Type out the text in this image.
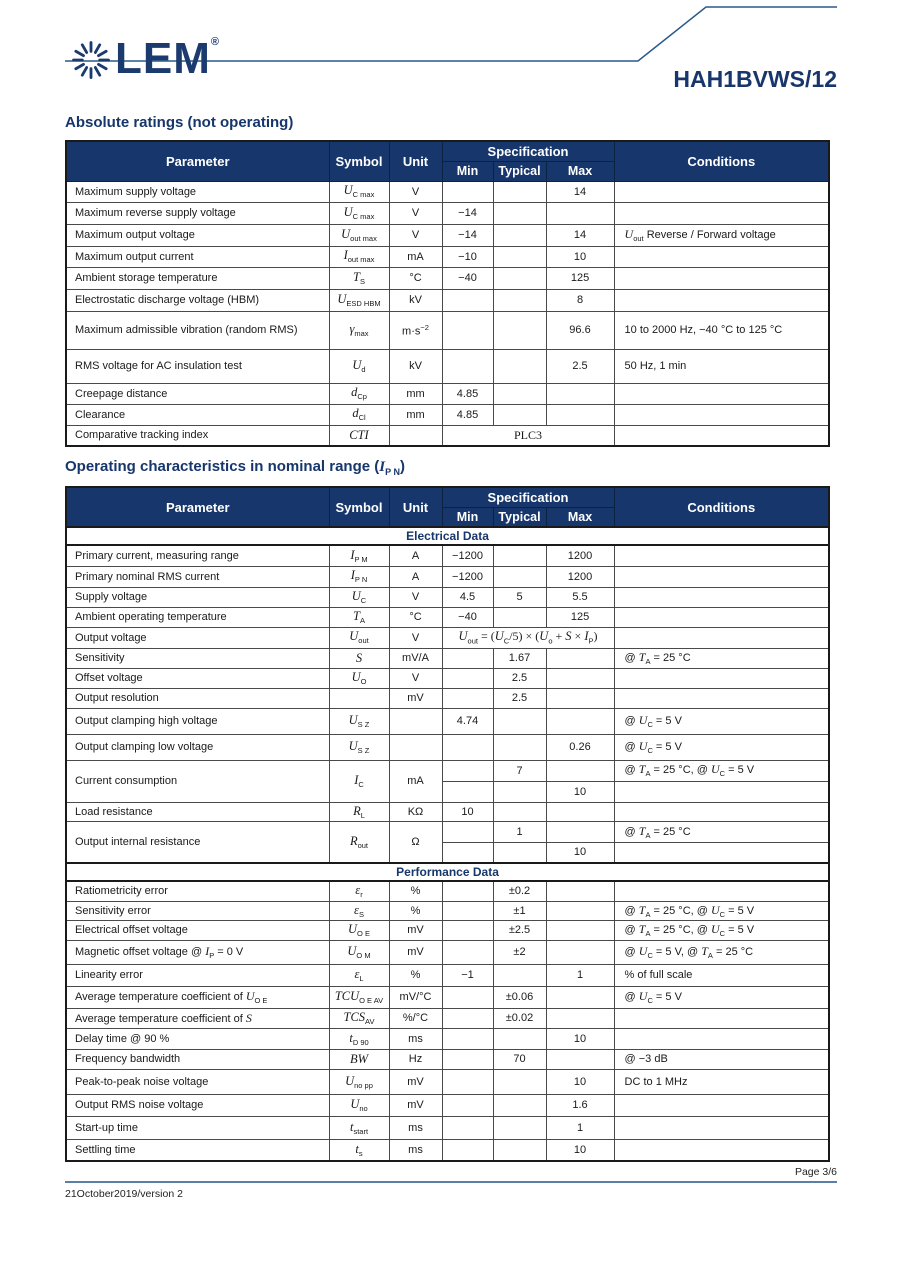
LEM ®
HAH1BVWS/12
Absolute ratings (not operating)
Parameter	Symbol	Unit	Specification			Conditions
			Min	Typical	Max	
Maximum supply voltage	$U_{C max}$	V			14	
Maximum reverse supply voltage	$U_{C max}$	V	−14			
Maximum output voltage	$U_{out max}$	V	−14		14	$U_{out}$ Reverse / Forward voltage
Maximum output current	$I_{out max}$	mA	−10		10	
Ambient storage temperature	$T_S$	°C	−40		125	
Electrostatic discharge voltage (HBM)	$U_{ESD HBM}$	kV			8	
Maximum admissible vibration (random RMS)	$\gamma_{max}$	$m\cdot s^{-2}$			96.6	10 to 2000 Hz, −40 °C to 125 °C
RMS voltage for AC insulation test	$U_d$	kV			2.5	50 Hz, 1 min
Creepage distance	$d_{Cp}$	mm	4.85			
Clearance	$d_{Cl}$	mm	4.85			
Comparative tracking index	CTI		PLC3			
Operating characteristics in nominal range $(I_{P N})$
Parameter	Symbol	Unit	Specification			Conditions
			Min	Typical	Max	
Electrical Data						
Primary current, measuring range	$I_{P M}$	A	−1200		1200	
Primary nominal RMS current	$I_{P N}$	A	−1200		1200	
Supply voltage	$U_C$	V	4.5	5	5.5	
Ambient operating temperature	$T_A$	°C	−40		125	
Output voltage	$U_{out}$	V	$U_{out} = (U_C/5) \times (U_o + S \times I_P)$			
Sensitivity	S	mV/A		1.67		@ $T_A = 25$ °C
Offset voltage	$U_O$	V		2.5		
Output resolution		mV		2.5		
Output clamping high voltage	$U_{S Z}$		4.74			@ $U_C = 5$ V
Output clamping low voltage	$U_{S Z}$				0.26	@ $U_C = 5$ V
Current consumption	$I_C$	mA		7		@ $T_A = 25$ °C, @ $U_C = 5$ V
					10	
Load resistance	$R_L$	KΩ	10			
Output internal resistance	$R_{out}$	Ω		1		@ $T_A = 25$ °C
					10	
Performance Data						
Ratiometricity error	$\varepsilon_r$	%		±0.2		
Sensitivity error	$\varepsilon_S$	%		±1		@ $T_A = 25$ °C, @ $U_C = 5$ V
Electrical offset voltage	$U_{O E}$	mV		±2.5		@ $T_A = 25$ °C, @ $U_C = 5$ V
Magnetic offset voltage @ $I_P = 0$ V	$U_{O M}$	mV		±2		@ $U_C = 5$ V, @ $T_A = 25$ °C
Linearity error	$\varepsilon_L$	%	−1		1	% of full scale
Average temperature coefficient of $U_{O E}$	$TCU_{O E AV}$	mV/°C		±0.06		@ $U_C = 5$ V
Average temperature coefficient of S	$TCS_{AV}$	%/°C		±0.02		
Delay time @ 90 %	$t_{D 90}$	ms			10	
Frequency bandwidth	BW	Hz		70		@ −3 dB
Peak-to-peak noise voltage	$U_{no pp}$	mV			10	DC to 1 MHz
Output RMS noise voltage	$U_{no}$	mV			1.6	
Start-up time	$t_{start}$	ms			1	
Settling time	$t_s$	ms			10	
Page 3/6
21October2019/version 2
